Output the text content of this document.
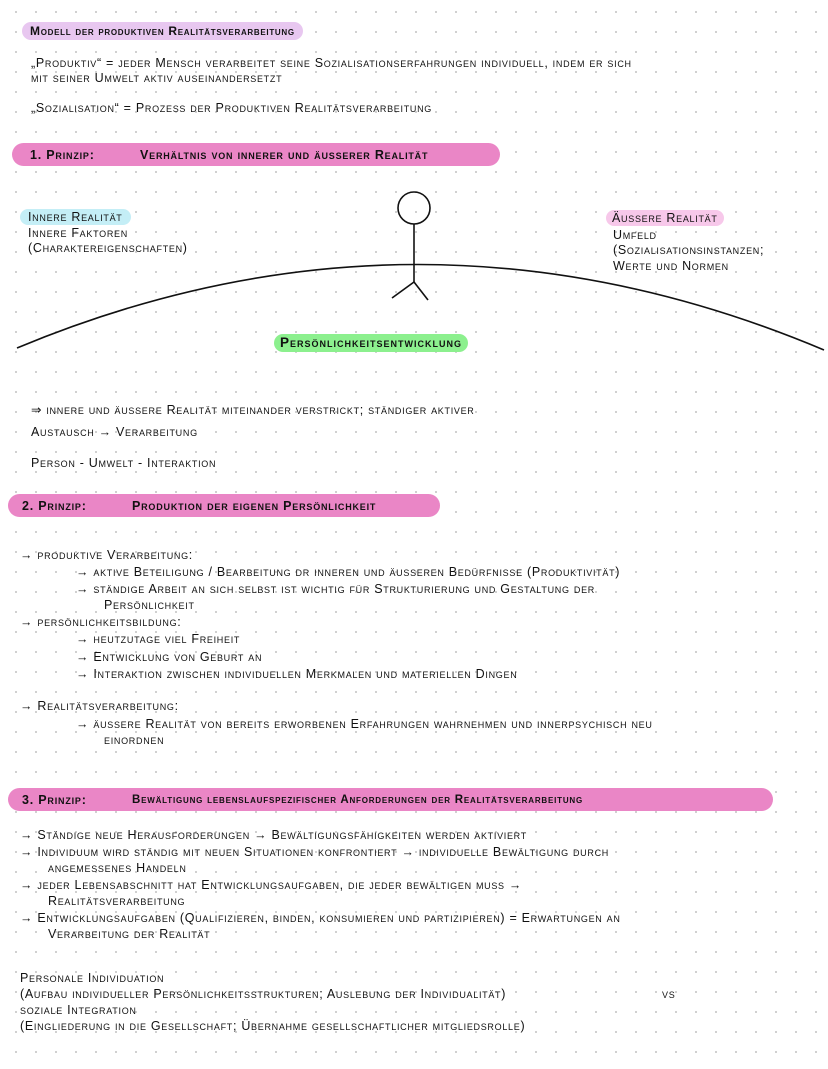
Modell der produktiven Realitätsverarbeitung
„Produktiv“ = jeder Mensch verarbeitet seine Sozialisationserfahrungen individuell, indem er sich
mit seiner Umwelt aktiv auseinandersetzt
„Sozialisation“ = Prozess der Produktiven Realitätsverarbeitung
1. Prinzip:	Verhältnis von innerer und äusserer Realität
Innere Realität
Innere Faktoren
(Charaktereigenschaften)
Äussere Realität
Umfeld
(Sozialisationsinstanzen;
Werte und Normen
Persönlichkeitsentwicklung
⇒ innere und äussere Realität miteinander verstrickt; ständiger aktiver
Austausch → Verarbeitung
Person - Umwelt - Interaktion
2. Prinzip:	Produktion der eigenen Persönlichkeit
→ produktive Verarbeitung:
→ aktive Beteiligung / Bearbeitung dr inneren und äusseren Bedürfnisse (Produktivität)
→ ständige Arbeit an sich selbst ist wichtig für Strukturierung und Gestaltung der
Persönlichkeit
→ persönlichkeitsbildung:
→ heutzutage viel Freiheit
→ Entwicklung von Geburt an
→ Interaktion zwischen individuellen Merkmalen und materiellen Dingen
→ Realitätsverarbeitung:
→ äussere Realität von bereits erworbenen Erfahrungen wahrnehmen und innerpsychisch neu
einordnen
3. Prinzip:	Bewältigung lebenslaufspezifischer Anforderungen der Realitätsverarbeitung
→ Ständige neue Herausforderungen → Bewältigungsfähigkeiten werden aktiviert
→ Individuum wird ständig mit neuen Situationen konfrontiert → individuelle Bewältigung durch
angemessenes Handeln
→ jeder Lebensabschnitt hat Entwicklungsaufgaben, die jeder bewältigen muss →
Realitätsverarbeitung
→ Entwicklungsaufgaben (Qualifizieren, binden, konsumieren und partizipieren) = Erwartungen an
Verarbeitung der Realität
Personale Individuation
(Aufbau individueller Persönlichkeitsstrukturen; Auslebung der Individualität)	vs
soziale Integration
(Eingliederung in die Gesellschaft; Übernahme gesellschaftlicher mitgliedsrolle)
